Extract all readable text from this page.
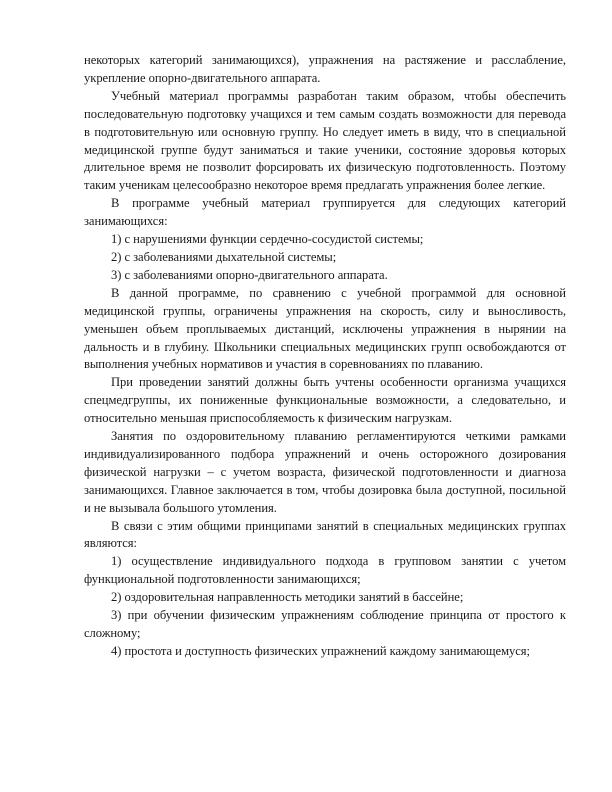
некоторых категорий занимающихся), упражнения на растяжение и расслабление, укрепление опорно-двигательного аппарата.

Учебный материал программы разработан таким образом, чтобы обеспечить последовательную подготовку учащихся и тем самым создать возможности для перевода в подготовительную или основную группу. Но следует иметь в виду, что в специальной медицинской группе будут заниматься и такие ученики, состояние здоровья которых длительное время не позволит форсировать их физическую подготовленность. Поэтому таким ученикам целесообразно некоторое время предлагать упражнения более легкие.

В программе учебный материал группируется для следующих категорий занимающихся:

1) с нарушениями функции сердечно-сосудистой системы;

2) с заболеваниями дыхательной системы;

3) с заболеваниями опорно-двигательного аппарата.

В данной программе, по сравнению с учебной программой для основной медицинской группы, ограничены упражнения на скорость, силу и выносливость, уменьшен объем проплываемых дистанций, исключены упражнения в нырянии на дальность и в глубину. Школьники специальных медицинских групп освобождаются от выполнения учебных нормативов и участия в соревнованиях по плаванию.

При проведении занятий должны быть учтены особенности организма учащихся спецмедгруппы, их пониженные функциональные возможности, а следовательно, и относительно меньшая приспособляемость к физическим нагрузкам.

Занятия по оздоровительному плаванию регламентируются четкими рамками индивидуализированного подбора упражнений и очень осторожного дозирования физической нагрузки – с учетом возраста, физической подготовленности и диагноза занимающихся. Главное заключается в том, чтобы дозировка была доступной, посильной и не вызывала большого утомления.

В связи с этим общими принципами занятий в специальных медицинских группах являются:

1) осуществление индивидуального подхода в групповом занятии с учетом функциональной подготовленности занимающихся;

2) оздоровительная направленность методики занятий в бассейне;

3) при обучении физическим упражнениям соблюдение принципа от простого к сложному;

4) простота и доступность физических упражнений каждому занимающемуся;
